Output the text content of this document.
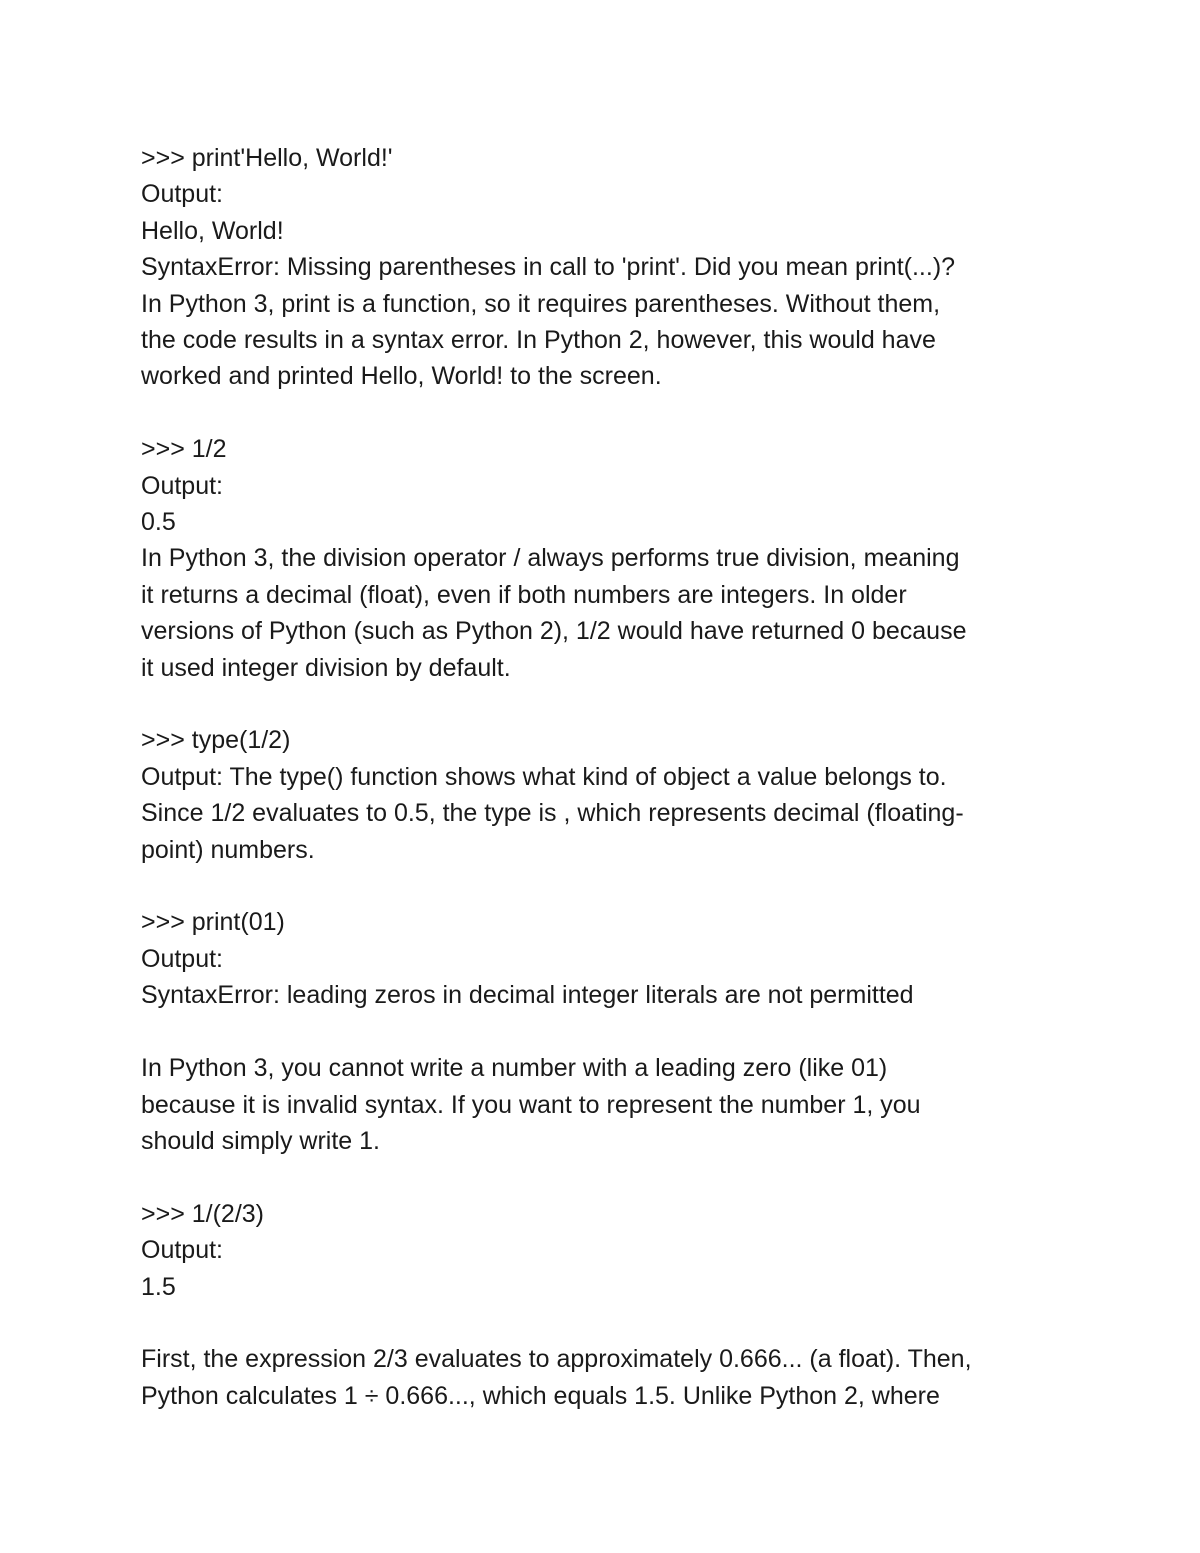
>>> print'Hello, World!'
Output:
Hello, World!
SyntaxError: Missing parentheses in call to 'print'. Did you mean print(...)?
In Python 3, print is a function, so it requires parentheses. Without them,
the code results in a syntax error. In Python 2, however, this would have
worked and printed Hello, World! to the screen.
>>> 1/2
Output:
0.5
In Python 3, the division operator / always performs true division, meaning
it returns a decimal (float), even if both numbers are integers. In older
versions of Python (such as Python 2), 1/2 would have returned 0 because
it used integer division by default.
>>> type(1/2)
Output: The type() function shows what kind of object a value belongs to.
Since 1/2 evaluates to 0.5, the type is , which represents decimal (floating-
point) numbers.
>>> print(01)
Output:
SyntaxError: leading zeros in decimal integer literals are not permitted
In Python 3, you cannot write a number with a leading zero (like 01)
because it is invalid syntax. If you want to represent the number 1, you
should simply write 1.
>>> 1/(2/3)
Output:
1.5
First, the expression 2/3 evaluates to approximately 0.666... (a float). Then,
Python calculates 1 ÷ 0.666..., which equals 1.5. Unlike Python 2, where
